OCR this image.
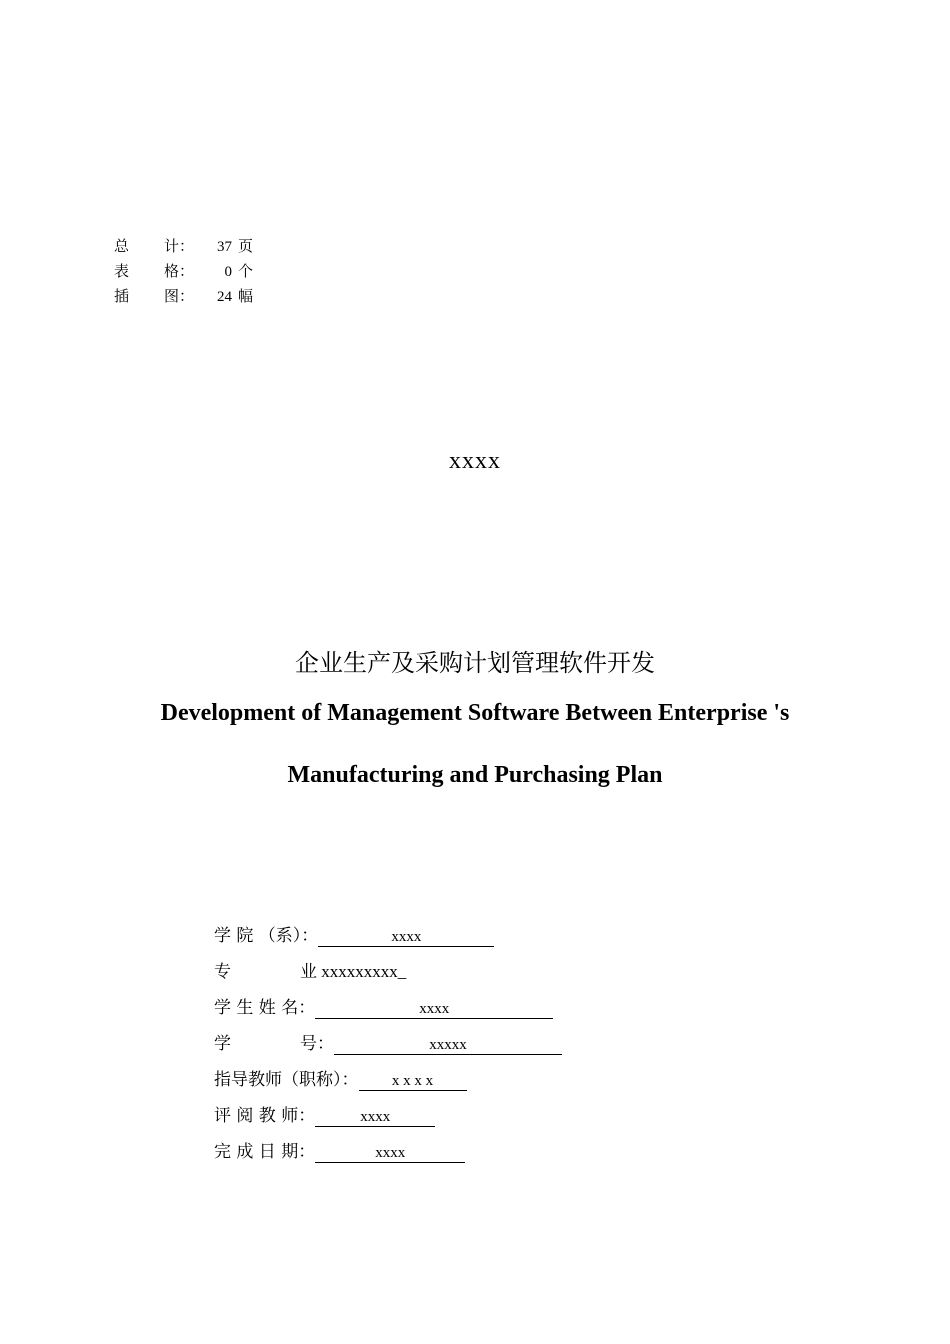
总 计： 37 页
表 格： 0 个
插 图： 24 幅
xxxx
企业生产及采购计划管理软件开发
Development of Management Software Between Enterprise 's
Manufacturing and Purchasing Plan
学 院 （系）：	xxxx
专	业 xxxxxxxxx_
学 生 姓 名：	xxxx
学	号：	xxxxx
指导教师（职称）： x x x x
评 阅 教 师：	xxxx
完 成 日 期：	xxxx
